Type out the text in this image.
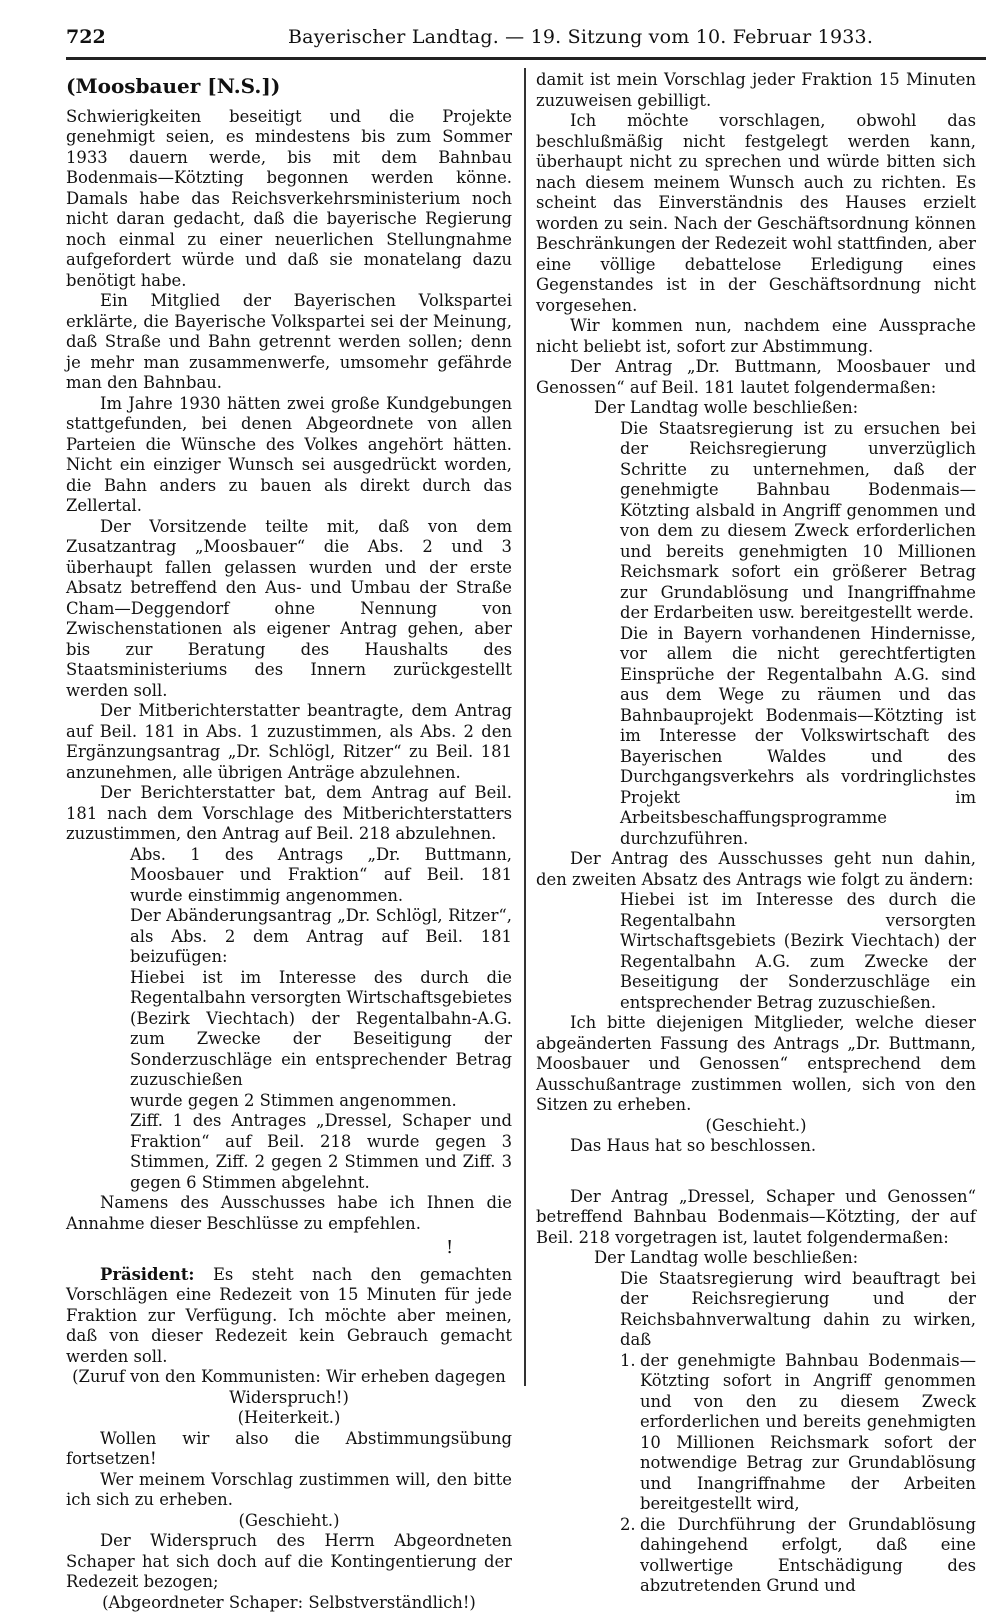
722	Bayerischer Landtag. — 19. Sitzung vom 10. Februar 1933.

(Moosbauer [N.S.])

Schwierigkeiten beseitigt und die Projekte genehmigt seien, es mindestens bis zum Sommer 1933 dauern werde, bis mit dem Bahnbau Bodenmais—Kötzting begonnen werden könne. Damals habe das Reichsverkehrsministerium noch nicht daran gedacht, daß die bayerische Regierung noch einmal zu einer neuerlichen Stellungnahme aufgefordert würde und daß sie monatelang dazu benötigt habe.

Ein Mitglied der Bayerischen Volkspartei erklärte, die Bayerische Volkspartei sei der Meinung, daß Straße und Bahn getrennt werden sollen; denn je mehr man zusammenwerfe, umsomehr gefährde man den Bahnbau.

Im Jahre 1930 hätten zwei große Kundgebungen stattgefunden, bei denen Abgeordnete von allen Parteien die Wünsche des Volkes angehört hätten. Nicht ein einziger Wunsch sei ausgedrückt worden, die Bahn anders zu bauen als direkt durch das Zellertal.

Der Vorsitzende teilte mit, daß von dem Zusatzantrag „Moosbauer“ die Abs. 2 und 3 überhaupt fallen gelassen wurden und der erste Absatz betreffend den Aus- und Umbau der Straße Cham—Deggendorf ohne Nennung von Zwischenstationen als eigener Antrag gehen, aber bis zur Beratung des Haushalts des Staatsministeriums des Innern zurückgestellt werden soll.

Der Mitberichterstatter beantragte, dem Antrag auf Beil. 181 in Abs. 1 zuzustimmen, als Abs. 2 den Ergänzungsantrag „Dr. Schlögl, Ritzer“ zu Beil. 181 anzunehmen, alle übrigen Anträge abzulehnen.

Der Berichterstatter bat, dem Antrag auf Beil. 181 nach dem Vorschlage des Mitberichterstatters zuzustimmen, den Antrag auf Beil. 218 abzulehnen.

Abs. 1 des Antrags „Dr. Buttmann, Moosbauer und Fraktion“ auf Beil. 181 wurde einstimmig angenommen.

Der Abänderungsantrag „Dr. Schlögl, Ritzer“, als Abs. 2 dem Antrag auf Beil. 181 beizufügen:

Hiebei ist im Interesse des durch die Regentalbahn versorgten Wirtschaftsgebietes (Bezirk Viechtach) der Regentalbahn-A.G. zum Zwecke der Beseitigung der Sonderzuschläge ein entsprechender Betrag zuzuschießen

wurde gegen 2 Stimmen angenommen.

Ziff. 1 des Antrages „Dressel, Schaper und Fraktion“ auf Beil. 218 wurde gegen 3 Stimmen, Ziff. 2 gegen 2 Stimmen und Ziff. 3 gegen 6 Stimmen abgelehnt.

Namens des Ausschusses habe ich Ihnen die Annahme dieser Beschlüsse zu empfehlen.

!

Präsident: Es steht nach den gemachten Vorschlägen eine Redezeit von 15 Minuten für jede Fraktion zur Verfügung. Ich möchte aber meinen, daß von dieser Redezeit kein Gebrauch gemacht werden soll.

(Zuruf von den Kommunisten: Wir erheben dagegen Widerspruch!)

(Heiterkeit.)

Wollen wir also die Abstimmungsübung fortsetzen!

Wer meinem Vorschlag zustimmen will, den bitte ich sich zu erheben.

(Geschieht.)

Der Widerspruch des Herrn Abgeordneten Schaper hat sich doch auf die Kontingentierung der Redezeit bezogen;

(Abgeordneter Schaper: Selbstverständlich!)

damit ist mein Vorschlag jeder Fraktion 15 Minuten zuzuweisen gebilligt.

Ich möchte vorschlagen, obwohl das beschlußmäßig nicht festgelegt werden kann, überhaupt nicht zu sprechen und würde bitten sich nach diesem meinem Wunsch auch zu richten. Es scheint das Einverständnis des Hauses erzielt worden zu sein. Nach der Geschäftsordnung können Beschränkungen der Redezeit wohl stattfinden, aber eine völlige debattelose Erledigung eines Gegenstandes ist in der Geschäftsordnung nicht vorgesehen.

Wir kommen nun, nachdem eine Aussprache nicht beliebt ist, sofort zur Abstimmung.

Der Antrag „Dr. Buttmann, Moosbauer und Genossen“ auf Beil. 181 lautet folgendermaßen:

Der Landtag wolle beschließen:

Die Staatsregierung ist zu ersuchen bei der Reichsregierung unverzüglich Schritte zu unternehmen, daß der genehmigte Bahnbau Bodenmais—Kötzting alsbald in Angriff genommen und von dem zu diesem Zweck erforderlichen und bereits genehmigten 10 Millionen Reichsmark sofort ein größerer Betrag zur Grundablösung und Inangriffnahme der Erdarbeiten usw. bereitgestellt werde.

Die in Bayern vorhandenen Hindernisse, vor allem die nicht gerechtfertigten Einsprüche der Regentalbahn A.G. sind aus dem Wege zu räumen und das Bahnbauprojekt Bodenmais—Kötzting ist im Interesse der Volkswirtschaft des Bayerischen Waldes und des Durchgangsverkehrs als vordringlichstes Projekt im Arbeitsbeschaffungsprogramme durchzuführen.

Der Antrag des Ausschusses geht nun dahin, den zweiten Absatz des Antrags wie folgt zu ändern:

Hiebei ist im Interesse des durch die Regentalbahn versorgten Wirtschaftsgebiets (Bezirk Viechtach) der Regentalbahn A.G. zum Zwecke der Beseitigung der Sonderzuschläge ein entsprechender Betrag zuzuschießen.

Ich bitte diejenigen Mitglieder, welche dieser abgeänderten Fassung des Antrags „Dr. Buttmann, Moosbauer und Genossen“ entsprechend dem Ausschußantrage zustimmen wollen, sich von den Sitzen zu erheben.

(Geschieht.)

Das Haus hat so beschlossen.

Der Antrag „Dressel, Schaper und Genossen“ betreffend Bahnbau Bodenmais—Kötzting, der auf Beil. 218 vorgetragen ist, lautet folgendermaßen:

Der Landtag wolle beschließen:

Die Staatsregierung wird beauftragt bei der Reichsregierung und der Reichsbahnverwaltung dahin zu wirken, daß

1. der genehmigte Bahnbau Bodenmais—Kötzting sofort in Angriff genommen und von den zu diesem Zweck erforderlichen und bereits genehmigten 10 Millionen Reichsmark sofort der notwendige Betrag zur Grundablösung und Inangriffnahme der Arbeiten bereitgestellt wird,
2. die Durchführung der Grundablösung dahingehend erfolgt, daß eine vollwertige Entschädigung des abzutretenden Grund und
